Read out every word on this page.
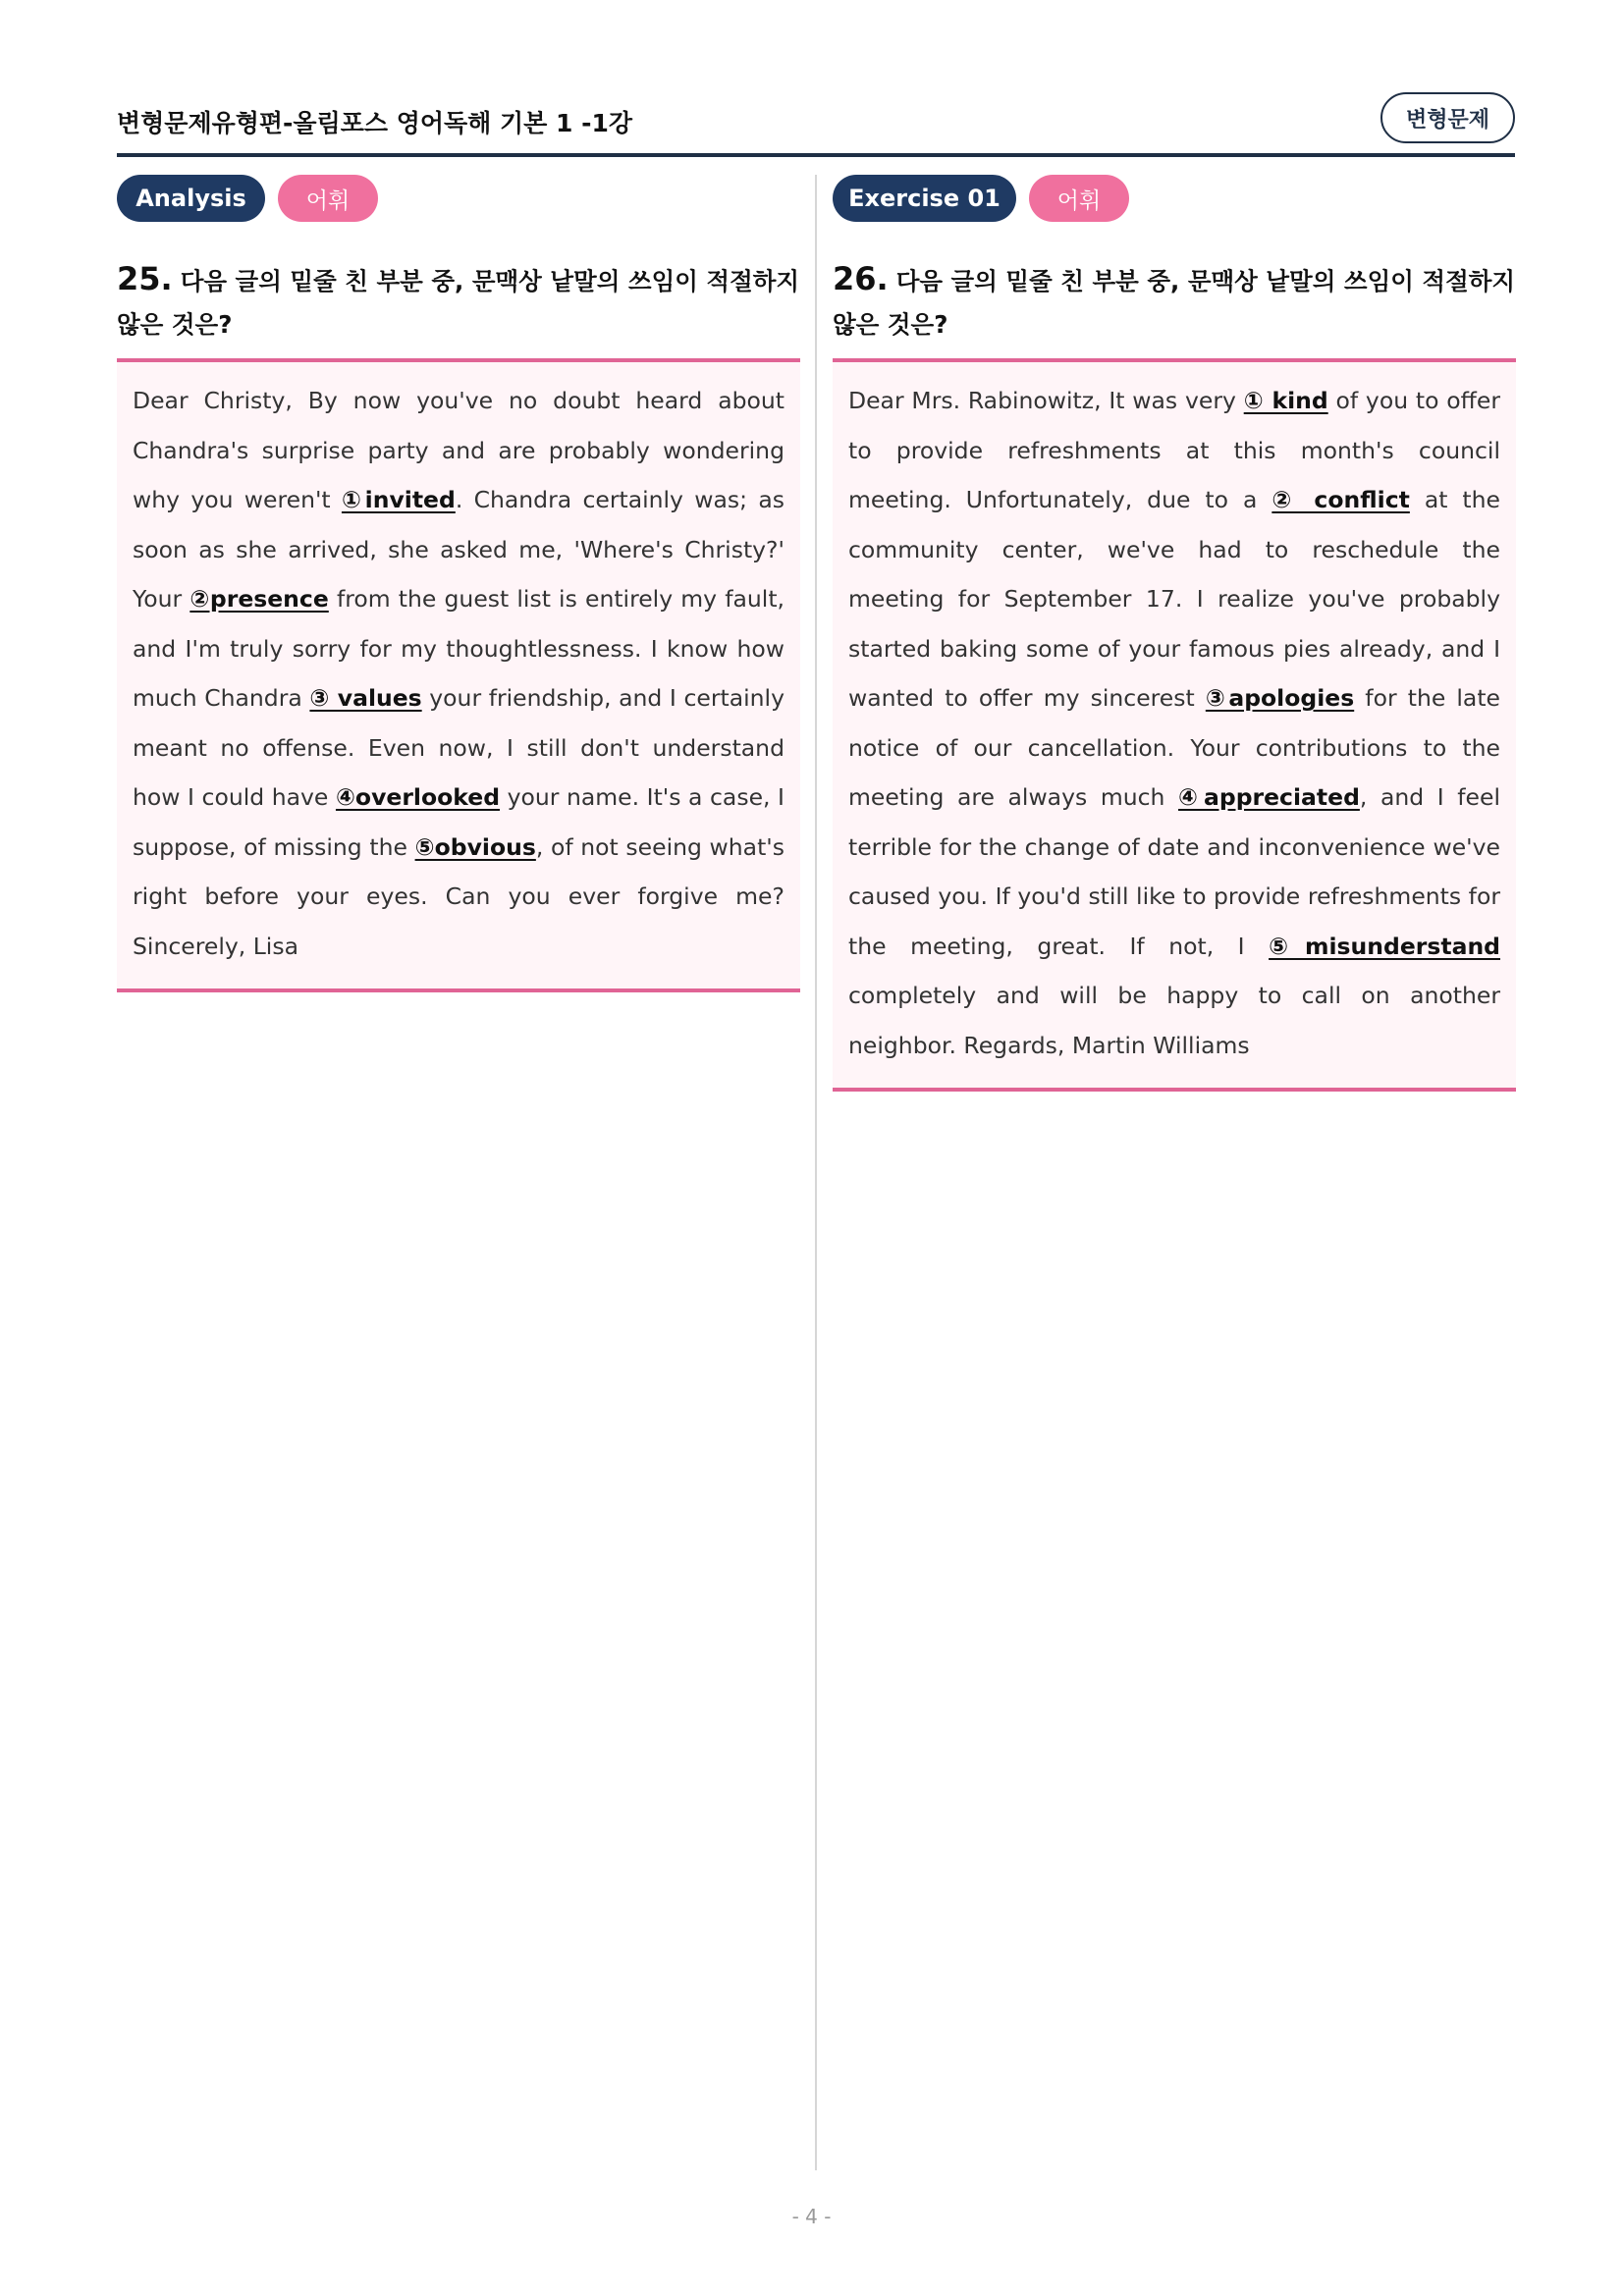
변형문제유형편-올림포스 영어독해 기본 1 -1강	변형문제
Analysis	어휘
25. 다음 글의 밑줄 친 부분 중, 문맥상 낱말의 쓰임이 적절하지 않은 것은?
Dear Christy, By now you've no doubt heard about Chandra's surprise party and are probably wondering why you weren't ①invited. Chandra certainly was; as soon as she arrived, she asked me, 'Where's Christy?' Your ②presence from the guest list is entirely my fault, and I'm truly sorry for my thoughtlessness. I know how much Chandra ③ values your friendship, and I certainly meant no offense. Even now, I still don't understand how I could have ④overlooked your name. It's a case, I suppose, of missing the ⑤obvious, of not seeing what's right before your eyes. Can you ever forgive me? Sincerely, Lisa
Exercise 01	어휘
26. 다음 글의 밑줄 친 부분 중, 문맥상 낱말의 쓰임이 적절하지 않은 것은?
Dear Mrs. Rabinowitz, It was very ① kind of you to offer to provide refreshments at this month's council meeting. Unfortunately, due to a ② conflict at the community center, we've had to reschedule the meeting for September 17. I realize you've probably started baking some of your famous pies already, and I wanted to offer my sincerest ③apologies for the late notice of our cancellation. Your contributions to the meeting are always much ④appreciated, and I feel terrible for the change of date and inconvenience we've caused you. If you'd still like to provide refreshments for the meeting, great. If not, I ⑤misunderstand completely and will be happy to call on another neighbor. Regards, Martin Williams
- 4 -
